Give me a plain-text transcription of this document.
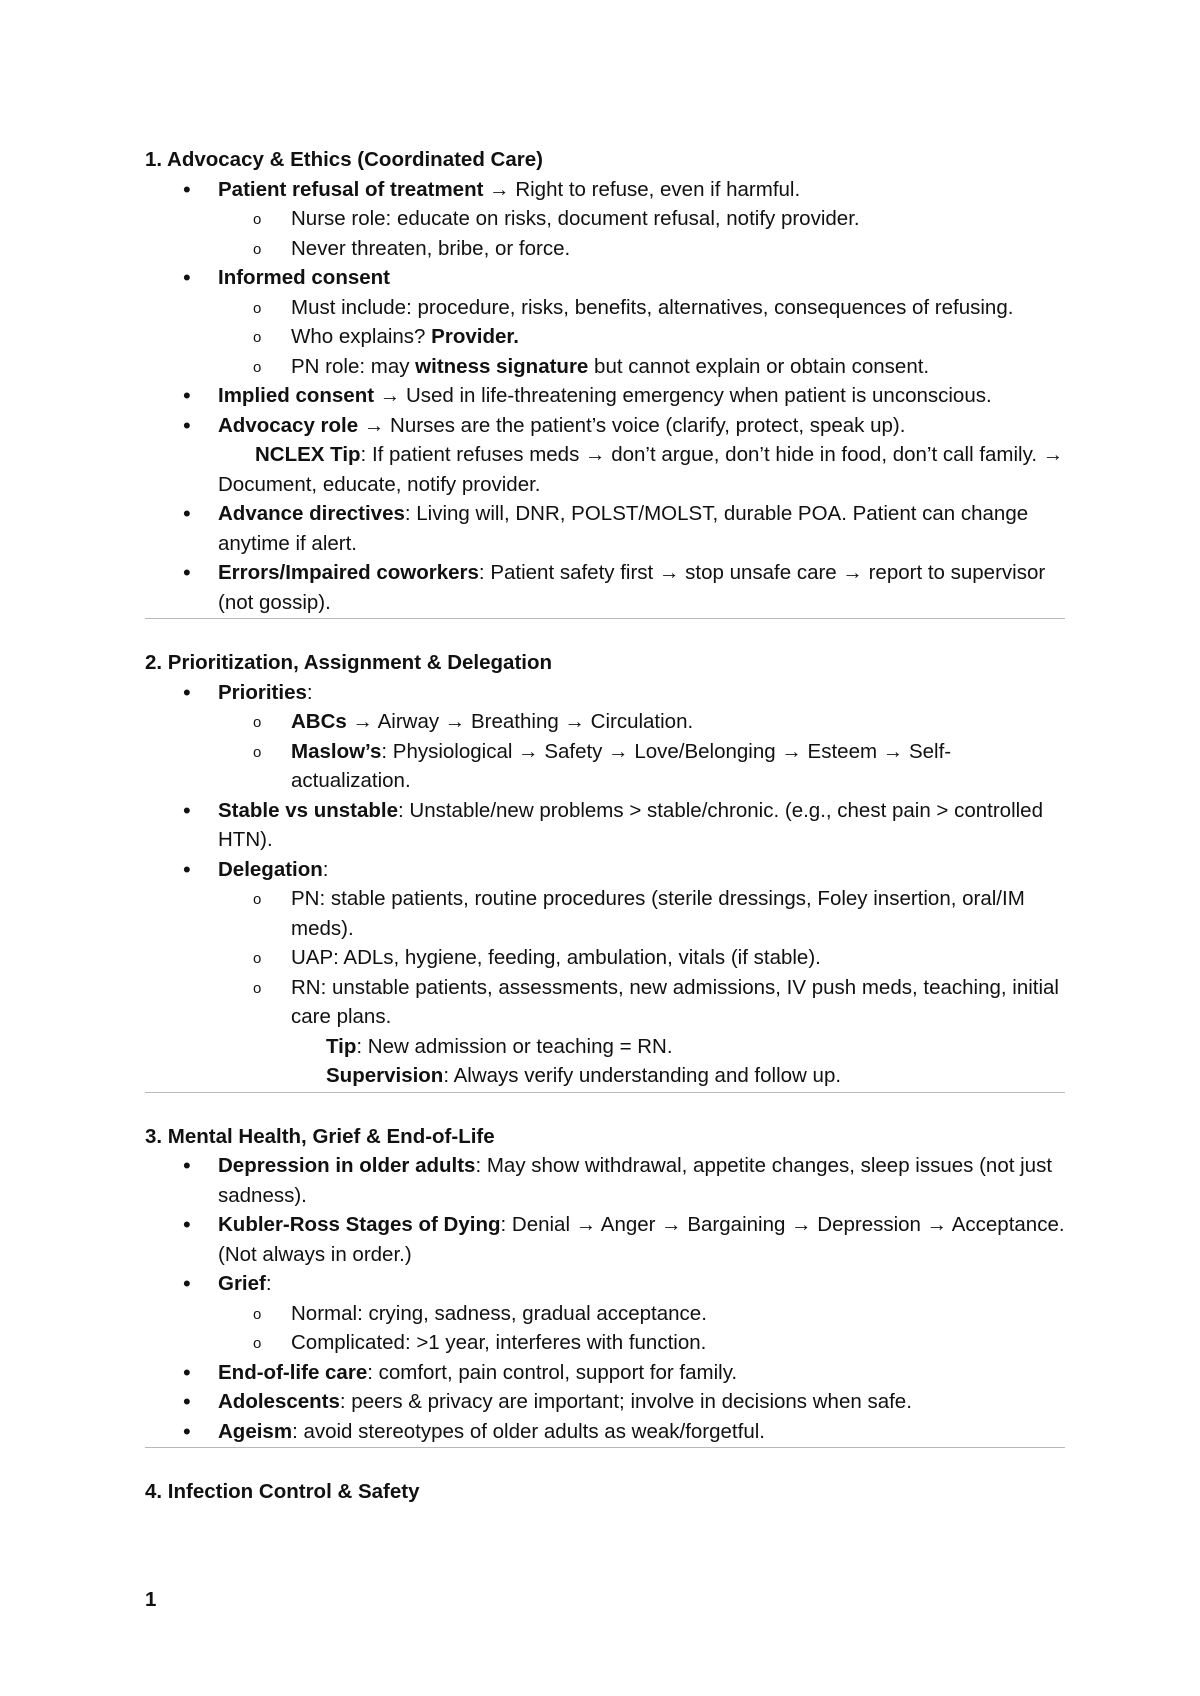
1. Advocacy & Ethics (Coordinated Care)

• Patient refusal of treatment → Right to refuse, even if harmful.
o Nurse role: educate on risks, document refusal, notify provider.
o Never threaten, bribe, or force.
• Informed consent
o Must include: procedure, risks, benefits, alternatives, consequences of refusing.
o Who explains? Provider.
o PN role: may witness signature but cannot explain or obtain consent.
• Implied consent → Used in life-threatening emergency when patient is unconscious.
• Advocacy role → Nurses are the patient’s voice (clarify, protect, speak up).
NCLEX Tip: If patient refuses meds → don’t argue, don’t hide in food, don’t call family. → Document, educate, notify provider.
• Advance directives: Living will, DNR, POLST/MOLST, durable POA. Patient can change anytime if alert.
• Errors/Impaired coworkers: Patient safety first → stop unsafe care → report to supervisor (not gossip).

2. Prioritization, Assignment & Delegation

• Priorities:
o ABCs → Airway → Breathing → Circulation.
o Maslow’s: Physiological → Safety → Love/Belonging → Esteem → Self-actualization.
• Stable vs unstable: Unstable/new problems > stable/chronic. (e.g., chest pain > controlled HTN).
• Delegation:
o PN: stable patients, routine procedures (sterile dressings, Foley insertion, oral/IM meds).
o UAP: ADLs, hygiene, feeding, ambulation, vitals (if stable).
o RN: unstable patients, assessments, new admissions, IV push meds, teaching, initial care plans.
Tip: New admission or teaching = RN.
Supervision: Always verify understanding and follow up.

3. Mental Health, Grief & End-of-Life

• Depression in older adults: May show withdrawal, appetite changes, sleep issues (not just sadness).
• Kubler-Ross Stages of Dying: Denial → Anger → Bargaining → Depression → Acceptance. (Not always in order.)
• Grief:
o Normal: crying, sadness, gradual acceptance.
o Complicated: >1 year, interferes with function.
• End-of-life care: comfort, pain control, support for family.
• Adolescents: peers & privacy are important; involve in decisions when safe.
• Ageism: avoid stereotypes of older adults as weak/forgetful.

4. Infection Control & Safety

1
